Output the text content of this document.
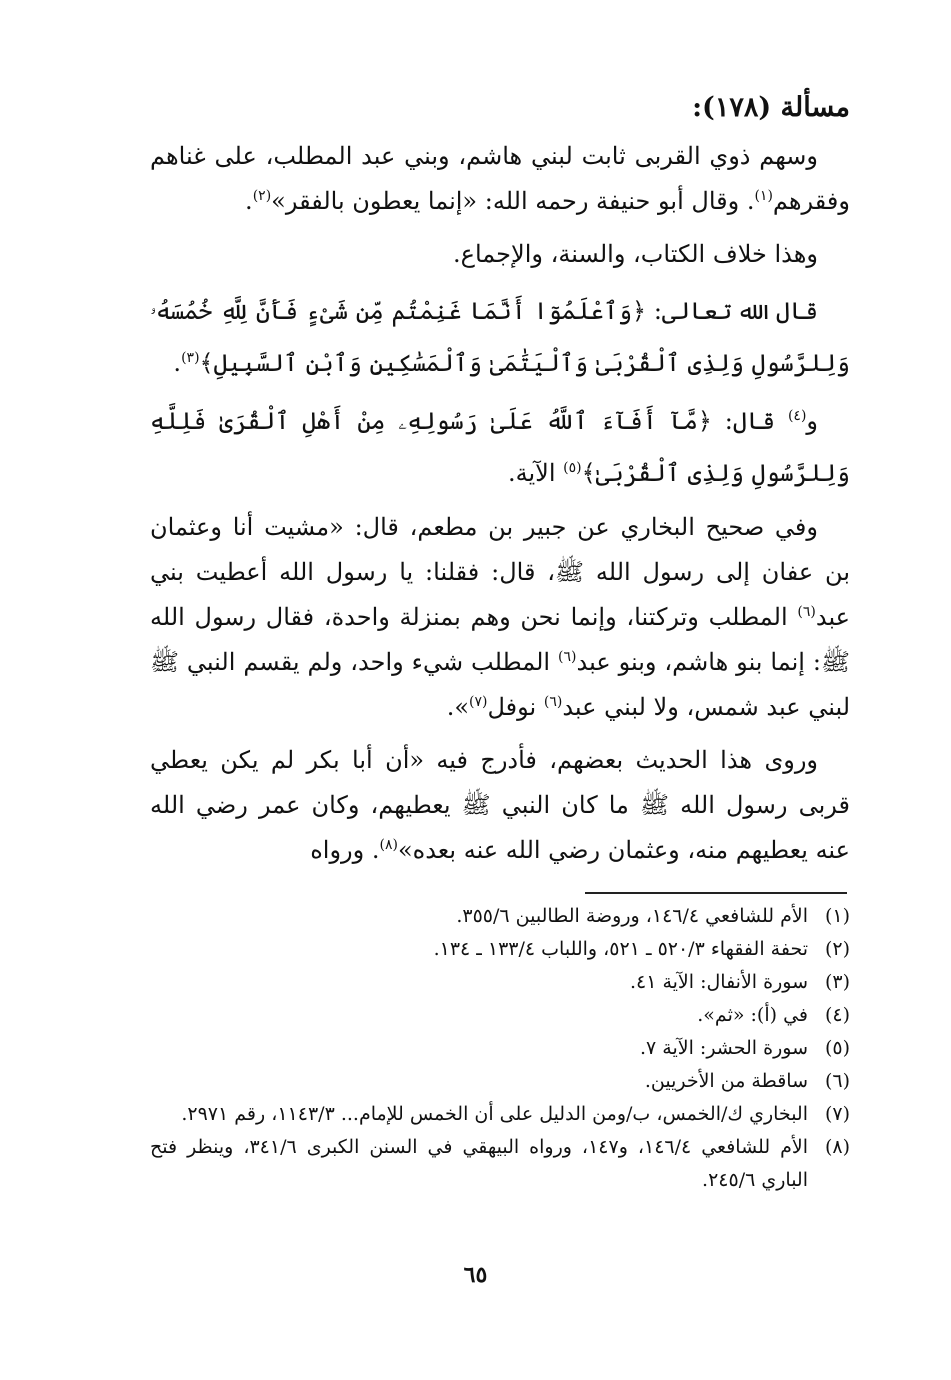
مسألة (١٧٨):
وسهم ذوي القربى ثابت لبني هاشم، وبني عبد المطلب، على غناهم وفقرهم$^{(١)}$. وقال أبو حنيفة رحمه الله: «إنما يعطون بالفقر»$^{(٢)}$.
وهذا خلاف الكتاب، والسنة، والإجماع.
قال الله تعالى: ﴿وَٱعْلَمُوٓا أَنَّمَا غَنِمْتُم مِّن شَىْءٍ فَأَنَّ لِلَّهِ خُمُسَهُۥ وَلِلرَّسُولِ وَلِذِى ٱلْقُرْبَىٰ وَٱلْيَتَٰمَىٰ وَٱلْمَسَٰكِينِ وَٱبْنِ ٱلسَّبِيلِ﴾$^{(٣)}$.
و$^{(٤)}$ قال: ﴿مَّآ أَفَآءَ ٱللَّهُ عَلَىٰ رَسُولِهِۦ مِنْ أَهْلِ ٱلْقُرَىٰ فَلِلَّهِ وَلِلرَّسُولِ وَلِذِى ٱلْقُرْبَىٰ﴾$^{(٥)}$ الآية.
وفي صحيح البخاري عن جبير بن مطعم، قال: «مشيت أنا وعثمان بن عفان إلى رسول الله ﷺ، قال: فقلنا: يا رسول الله أعطيت بني عبد$^{(٦)}$ المطلب وتركتنا، وإنما نحن وهم بمنزلة واحدة، فقال رسول الله ﷺ: إنما بنو هاشم، وبنو عبد$^{(٦)}$ المطلب شيء واحد، ولم يقسم النبي ﷺ لبني عبد شمس، ولا لبني عبد$^{(٦)}$ نوفل$^{(٧)}$».
وروى هذا الحديث بعضهم، فأدرج فيه «أن أبا بكر لم يكن يعطي قربى رسول الله ﷺ ما كان النبي ﷺ يعطيهم، وكان عمر رضي الله عنه يعطيهم منه، وعثمان رضي الله عنه بعده»$^{(٨)}$. ورواه
(١)
الأم للشافعي ١٤٦/٤، وروضة الطالبين ٣٥٥/٦.
(٢)
تحفة الفقهاء ٥٢٠/٣ ـ ٥٢١، واللباب ١٣٣/٤ ـ ١٣٤.
(٣)
سورة الأنفال: الآية ٤١.
(٤)
في (أ): «ثم».
(٥)
سورة الحشر: الآية ٧.
(٦)
ساقطة من الأخريين.
(٧)
البخاري ك/الخمس، ب/ومن الدليل على أن الخمس للإمام... ١١٤٣/٣، رقم ٢٩٧١.
(٨)
الأم للشافعي ١٤٦/٤، و١٤٧، ورواه البيهقي في السنن الكبرى ٣٤١/٦، وينظر فتح الباري ٢٤٥/٦.
٦٥
